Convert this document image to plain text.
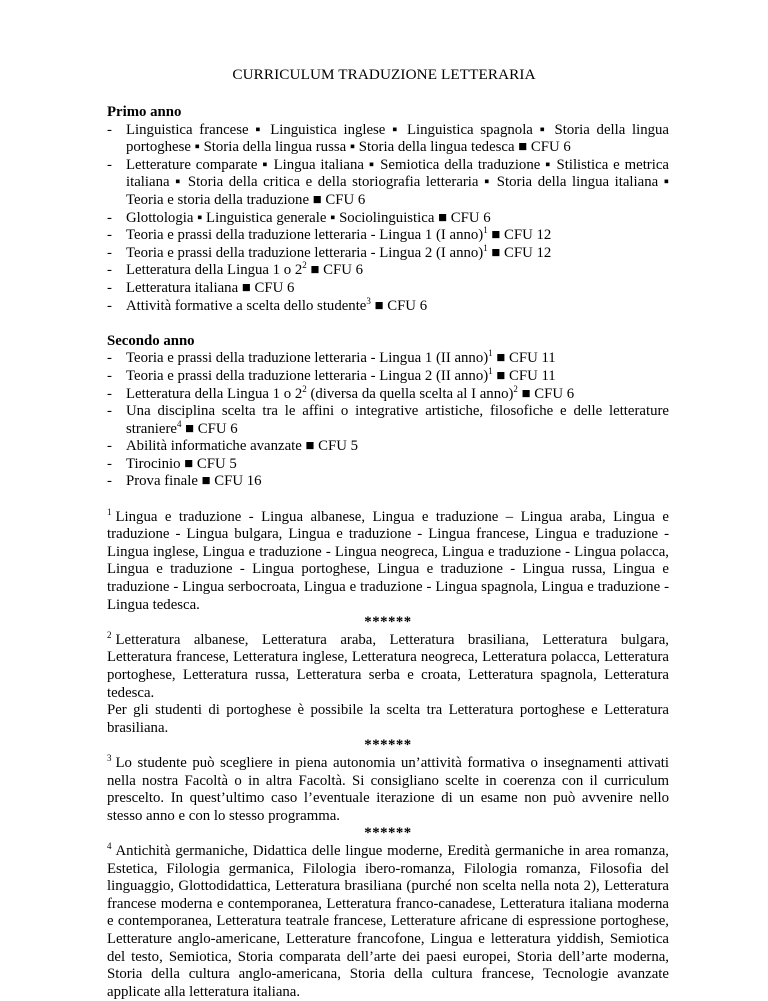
CURRICULUM TRADUZIONE LETTERARIA
Primo anno
- Linguistica francese ▪ Linguistica inglese ▪ Linguistica spagnola ▪ Storia della lingua portoghese ▪ Storia della lingua russa ▪ Storia della lingua tedesca ■ CFU 6
- Letterature comparate ▪ Lingua italiana ▪ Semiotica della traduzione ▪ Stilistica e metrica italiana ▪ Storia della critica e della storiografia letteraria ▪ Storia della lingua italiana ▪ Teoria e storia della traduzione ■ CFU 6
- Glottologia ▪ Linguistica generale ▪ Sociolinguistica ■ CFU 6
- Teoria e prassi della traduzione letteraria - Lingua 1 (I anno)$^1$ ■ CFU 12
- Teoria e prassi della traduzione letteraria - Lingua 2 (I anno)$^1$ ■ CFU 12
- Letteratura della Lingua 1 o $2^2$ ■ CFU 6
- Letteratura italiana ■ CFU 6
- Attività formative a scelta dello studente$^3$ ■ CFU 6
Secondo anno
- Teoria e prassi della traduzione letteraria - Lingua 1 (II anno)$^1$ ■ CFU 11
- Teoria e prassi della traduzione letteraria - Lingua 2 (II anno)$^1$ ■ CFU 11
- Letteratura della Lingua 1 o $2^2$ (diversa da quella scelta al I anno)$^2$ ■ CFU 6
- Una disciplina scelta tra le affini o integrative artistiche, filosofiche e delle letterature straniere$^4$ ■ CFU 6
- Abilità informatiche avanzate ■ CFU 5
- Tirocinio ■ CFU 5
- Prova finale ■ CFU 16
$^1$ Lingua e traduzione - Lingua albanese, Lingua e traduzione – Lingua araba, Lingua e traduzione - Lingua bulgara, Lingua e traduzione - Lingua francese, Lingua e traduzione - Lingua inglese, Lingua e traduzione - Lingua neogreca, Lingua e traduzione - Lingua polacca, Lingua e traduzione - Lingua portoghese, Lingua e traduzione - Lingua russa, Lingua e traduzione - Lingua serbocroata, Lingua e traduzione - Lingua spagnola, Lingua e traduzione - Lingua tedesca.
******
$^2$ Letteratura albanese, Letteratura araba, Letteratura brasiliana, Letteratura bulgara, Letteratura francese, Letteratura inglese, Letteratura neogreca, Letteratura polacca, Letteratura portoghese, Letteratura russa, Letteratura serba e croata, Letteratura spagnola, Letteratura tedesca.
Per gli studenti di portoghese è possibile la scelta tra Letteratura portoghese e Letteratura brasiliana.
******
$^3$ Lo studente può scegliere in piena autonomia un’attività formativa o insegnamenti attivati nella nostra Facoltà o in altra Facoltà. Si consigliano scelte in coerenza con il curriculum prescelto. In quest’ultimo caso l’eventuale iterazione di un esame non può avvenire nello stesso anno e con lo stesso programma.
******
$^4$ Antichità germaniche, Didattica delle lingue moderne, Eredità germaniche in area romanza, Estetica, Filologia germanica, Filologia ibero-romanza, Filologia romanza, Filosofia del linguaggio, Glottodidattica, Letteratura brasiliana (purché non scelta nella nota 2), Letteratura francese moderna e contemporanea, Letteratura franco-canadese, Letteratura italiana moderna e contemporanea, Letteratura teatrale francese, Letterature africane di espressione portoghese, Letterature anglo-americane, Letterature francofone, Lingua e letteratura yiddish, Semiotica del testo, Semiotica, Storia comparata dell’arte dei paesi europei, Storia dell’arte moderna, Storia della cultura anglo-americana, Storia della cultura francese, Tecnologie avanzate applicate alla letteratura italiana.
